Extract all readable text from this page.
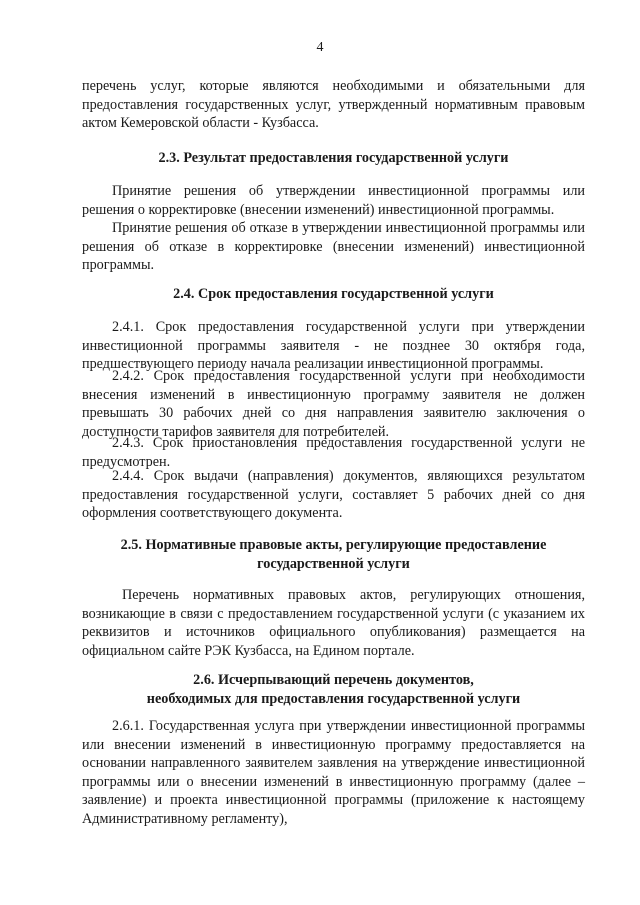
4

перечень услуг, которые являются необходимыми и обязательными для предоставления государственных услуг, утвержденный нормативным правовым актом Кемеровской области - Кузбасса.

2.3. Результат предоставления государственной услуги

Принятие решения об утверждении инвестиционной программы или решения о корректировке (внесении изменений) инвестиционной программы.

Принятие решения об отказе в утверждении инвестиционной программы или решения об отказе в корректировке (внесении изменений) инвестиционной программы.

2.4. Срок предоставления государственной услуги

2.4.1. Срок предоставления государственной услуги при утверждении инвестиционной программы заявителя - не позднее 30 октября года, предшествующего периоду начала реализации инвестиционной программы.

2.4.2. Срок предоставления государственной услуги при необходимости внесения изменений в инвестиционную программу заявителя не должен превышать 30 рабочих дней со дня направления заявителю заключения о доступности тарифов заявителя для потребителей.

2.4.3. Срок приостановления предоставления государственной услуги не предусмотрен.

2.4.4. Срок выдачи (направления) документов, являющихся результатом предоставления государственной услуги, составляет 5 рабочих дней со дня оформления соответствующего документа.

2.5. Нормативные правовые акты, регулирующие предоставление
государственной услуги

Перечень нормативных правовых актов, регулирующих отношения, возникающие в связи с предоставлением государственной услуги (с указанием их реквизитов и источников официального опубликования) размещается на официальном сайте РЭК Кузбасса, на Едином портале.

2.6. Исчерпывающий перечень документов,
необходимых для предоставления государственной услуги

2.6.1. Государственная услуга при утверждении инвестиционной программы или внесении изменений в инвестиционную программу предоставляется на основании направленного заявителем заявления на утверждение инвестиционной программы или о внесении изменений в инвестиционную программу (далее – заявление) и проекта инвестиционной программы (приложение к настоящему Административному регламенту),
